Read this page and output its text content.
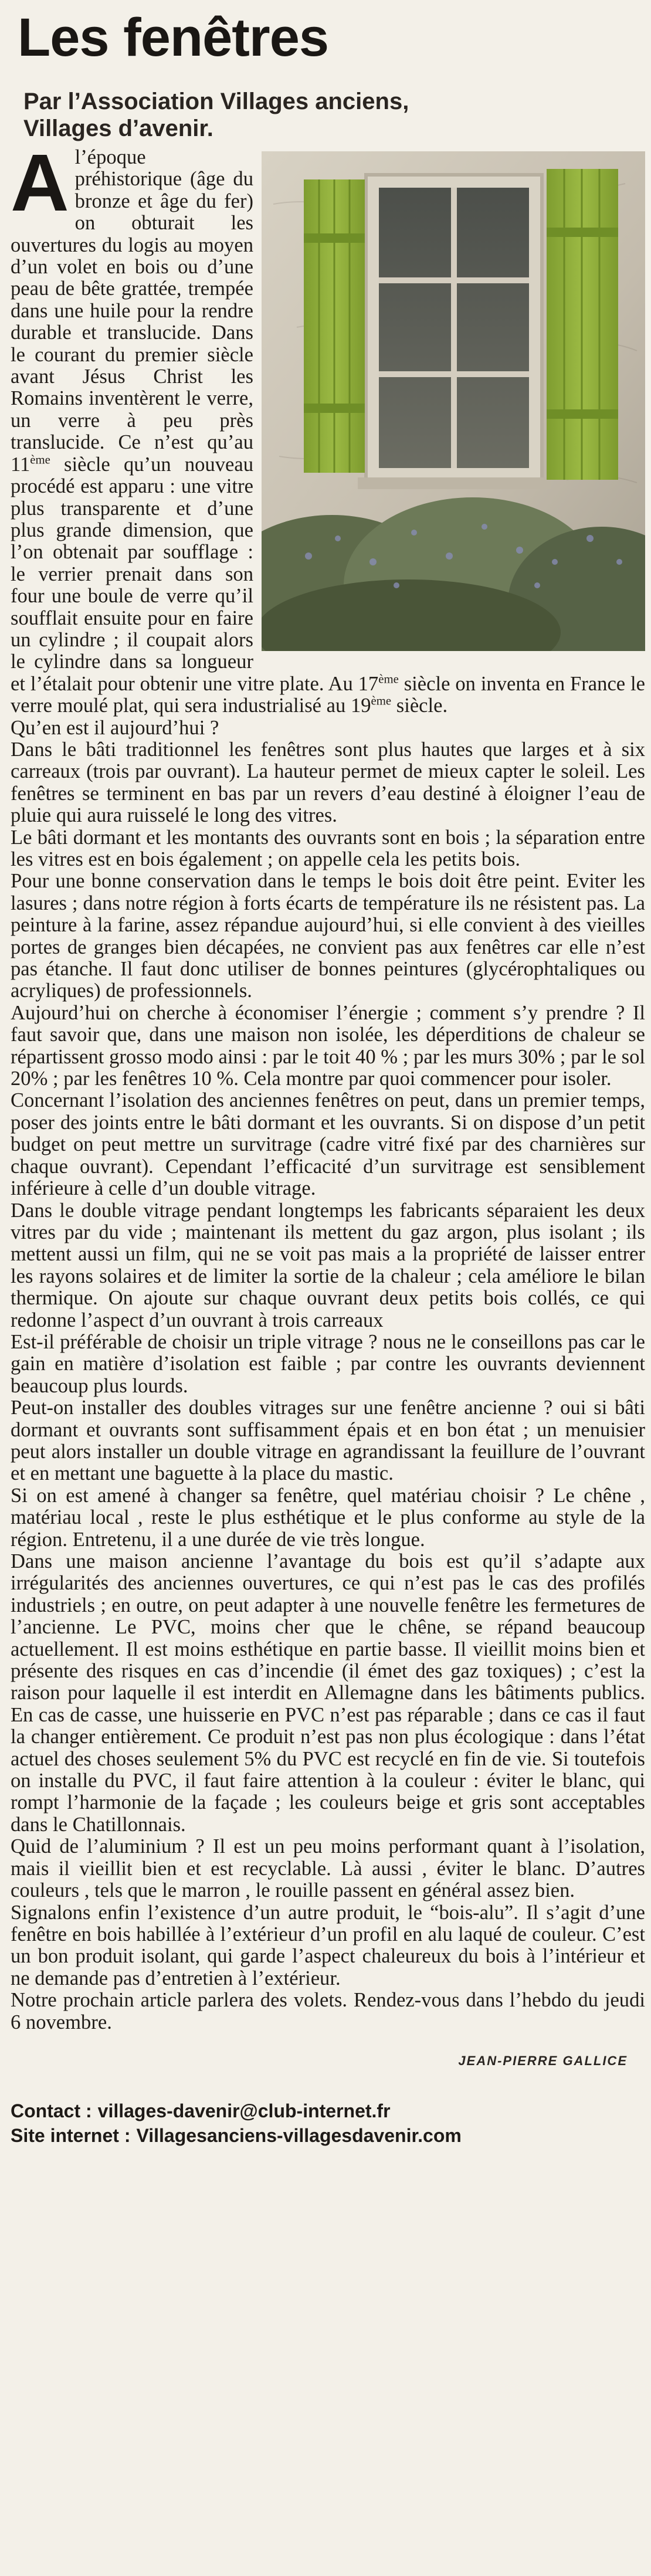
Les fenêtres
Par l’Association Villages anciens,
Villages d’avenir.

Al’époque préhistorique (âge du bronze et âge du fer) on obturait les ouvertures du logis au moyen d’un volet en bois ou d’une peau de bête grattée, trempée dans une huile pour la rendre durable et translucide. Dans le courant du premier siècle avant Jésus Christ les Romains inventèrent le verre, un verre à peu près translucide. Ce n’est qu’au 11ème siècle qu’un nouveau procédé est apparu : une vitre plus transparente et d’une plus grande dimension, que l’on obtenait par soufflage : le verrier prenait dans son four une boule de verre qu’il soufflait ensuite pour en faire un cylindre ; il coupait alors le cylindre dans sa longueur et l’étalait pour obtenir une vitre plate. Au 17ème siècle on inventa en France le verre moulé plat, qui sera industrialisé au 19ème siècle.

Qu’en est il aujourd’hui ?

Dans le bâti traditionnel les fenêtres sont plus hautes que larges et à six carreaux (trois par ouvrant). La hauteur permet de mieux capter le soleil. Les fenêtres se terminent en bas par un revers d’eau destiné à éloigner l’eau de pluie qui aura ruisselé le long des vitres.

Le bâti dormant et les montants des ouvrants sont en bois ; la séparation entre les vitres est en bois également ; on appelle cela les petits bois.

Pour une bonne conservation dans le temps le bois doit être peint. Eviter les lasures ; dans notre région à forts écarts de température ils ne résistent pas. La peinture à la farine, assez répandue aujourd’hui, si elle convient à des vieilles portes de granges bien décapées, ne convient pas aux fenêtres car elle n’est pas étanche. Il faut donc utiliser de bonnes peintures (glycérophtaliques ou acryliques) de professionnels.

Aujourd’hui on cherche à économiser l’énergie ; comment s’y prendre ? Il faut savoir que, dans une maison non isolée, les déperditions de chaleur se répartissent grosso modo ainsi : par le toit 40 % ; par les murs 30% ; par le sol 20% ; par les fenêtres 10 %. Cela montre par quoi commencer pour isoler.

Concernant l’isolation des anciennes fenêtres on peut, dans un premier temps, poser des joints entre le bâti dormant et les ouvrants. Si on dispose d’un petit budget on peut mettre un survitrage (cadre vitré fixé par des charnières sur chaque ouvrant). Cependant l’efficacité d’un survitrage est sensiblement inférieure à celle d’un double vitrage.

Dans le double vitrage pendant longtemps les fabricants séparaient les deux vitres par du vide ; maintenant ils mettent du gaz argon, plus isolant ; ils mettent aussi un film, qui ne se voit pas mais a la propriété de laisser entrer les rayons solaires et de limiter la sortie de la chaleur ; cela améliore le bilan thermique. On ajoute sur chaque ouvrant deux petits bois collés, ce qui redonne l’aspect d’un ouvrant à trois carreaux

Est-il préférable de choisir un triple vitrage ? nous ne le conseillons pas car le gain en matière d’isolation est faible ; par contre les ouvrants deviennent beaucoup plus lourds.

Peut-on installer des doubles vitrages sur une fenêtre ancienne ? oui si bâti dormant et ouvrants sont suffisamment épais et en bon état ; un menuisier peut alors installer un double vitrage en agrandissant la feuillure de l’ouvrant et en mettant une baguette à la place du mastic.

Si on est amené à changer sa fenêtre, quel matériau choisir ? Le chêne , matériau local , reste le plus esthétique et le plus conforme au style de la région. Entretenu, il a une durée de vie très longue.

Dans une maison ancienne l’avantage du bois est qu’il s’adapte aux irrégularités des anciennes ouvertures, ce qui n’est pas le cas des profilés industriels ; en outre, on peut adapter à une nouvelle fenêtre les fermetures de l’ancienne. Le PVC, moins cher que le chêne, se répand beaucoup actuellement. Il est moins esthétique en partie basse. Il vieillit moins bien et présente des risques en cas d’incendie (il émet des gaz toxiques) ; c’est la raison pour laquelle il est interdit en Allemagne dans les bâtiments publics. En cas de casse, une huisserie en PVC n’est pas réparable ; dans ce cas il faut la changer entièrement. Ce produit n’est pas non plus écologique : dans l’état actuel des choses seulement 5% du PVC est recyclé en fin de vie. Si toutefois on installe du PVC, il faut faire attention à la couleur : éviter le blanc, qui rompt l’harmonie de la façade ; les couleurs beige et gris sont acceptables dans le Chatillonnais.

Quid de l’aluminium ? Il est un peu moins performant quant à l’isolation, mais il vieillit bien et est recyclable. Là aussi , éviter le blanc. D’autres couleurs , tels que le marron , le rouille passent en général assez bien.

Signalons enfin l’existence d’un autre produit, le “bois-alu”. Il s’agit d’une fenêtre en bois habillée à l’extérieur d’un profil en alu laqué de couleur. C’est un bon produit isolant, qui garde l’aspect chaleureux du bois à l’intérieur et ne demande pas d’entretien à l’extérieur.

Notre prochain article parlera des volets. Rendez-vous dans l’hebdo du jeudi 6 novembre.

JEAN-PIERRE GALLICE
Contact : villages-davenir@club-internet.fr
Site internet : Villagesanciens-villagesdavenir.com
